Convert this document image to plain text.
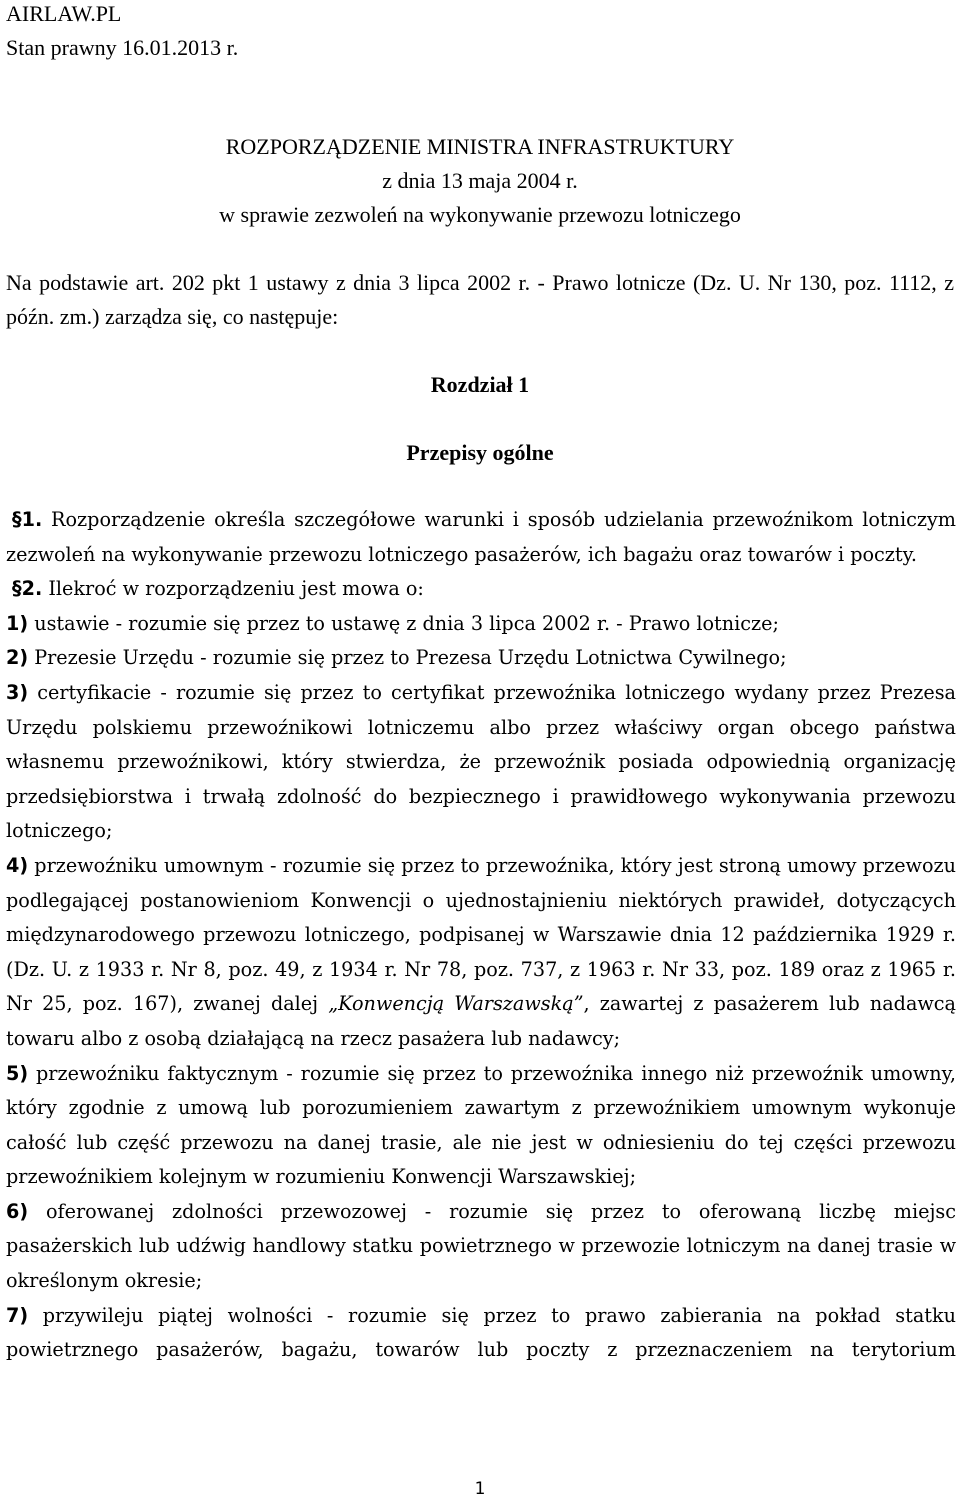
AIRLAW.PL
Stan prawny 16.01.2013 r.
ROZPORZĄDZENIE MINISTRA INFRASTRUKTURY
z dnia 13 maja 2004 r.
w sprawie zezwoleń na wykonywanie przewozu lotniczego
Na podstawie art. 202 pkt 1 ustawy z dnia 3 lipca 2002 r. - Prawo lotnicze (Dz. U. Nr 130, poz. 1112, z późn. zm.) zarządza się, co następuje:
Rozdział 1
Przepisy ogólne

§1. Rozporządzenie określa szczegółowe warunki i sposób udzielania przewoźnikom lotniczym zezwoleń na wykonywanie przewozu lotniczego pasażerów, ich bagażu oraz towarów i poczty.

§2. Ilekroć w rozporządzeniu jest mowa o:

1) ustawie - rozumie się przez to ustawę z dnia 3 lipca 2002 r. - Prawo lotnicze;

2) Prezesie Urzędu - rozumie się przez to Prezesa Urzędu Lotnictwa Cywilnego;

3) certyfikacie - rozumie się przez to certyfikat przewoźnika lotniczego wydany przez Prezesa Urzędu polskiemu przewoźnikowi lotniczemu albo przez właściwy organ obcego państwa własnemu przewoźnikowi, który stwierdza, że przewoźnik posiada odpowiednią organizację przedsiębiorstwa i trwałą zdolność do bezpiecznego i prawidłowego wykonywania przewozu lotniczego;

4) przewoźniku umownym - rozumie się przez to przewoźnika, który jest stroną umowy przewozu podlegającej postanowieniom Konwencji o ujednostajnieniu niektórych prawideł, dotyczących międzynarodowego przewozu lotniczego, podpisanej w Warszawie dnia 12 października 1929 r. (Dz. U. z 1933 r. Nr 8, poz. 49, z 1934 r. Nr 78, poz. 737, z 1963 r. Nr 33, poz. 189 oraz z 1965 r. Nr 25, poz. 167), zwanej dalej „Konwencją Warszawską”, zawartej z pasażerem lub nadawcą towaru albo z osobą działającą na rzecz pasażera lub nadawcy;

5) przewoźniku faktycznym - rozumie się przez to przewoźnika innego niż przewoźnik umowny, który zgodnie z umową lub porozumieniem zawartym z przewoźnikiem umownym wykonuje całość lub część przewozu na danej trasie, ale nie jest w odniesieniu do tej części przewozu przewoźnikiem kolejnym w rozumieniu Konwencji Warszawskiej;

6) oferowanej zdolności przewozowej - rozumie się przez to oferowaną liczbę miejsc pasażerskich lub udźwig handlowy statku powietrznego w przewozie lotniczym na danej trasie w określonym okresie;

7) przywileju piątej wolności - rozumie się przez to prawo zabierania na pokład statku powietrznego pasażerów, bagażu, towarów lub poczty z przeznaczeniem na terytorium

1
